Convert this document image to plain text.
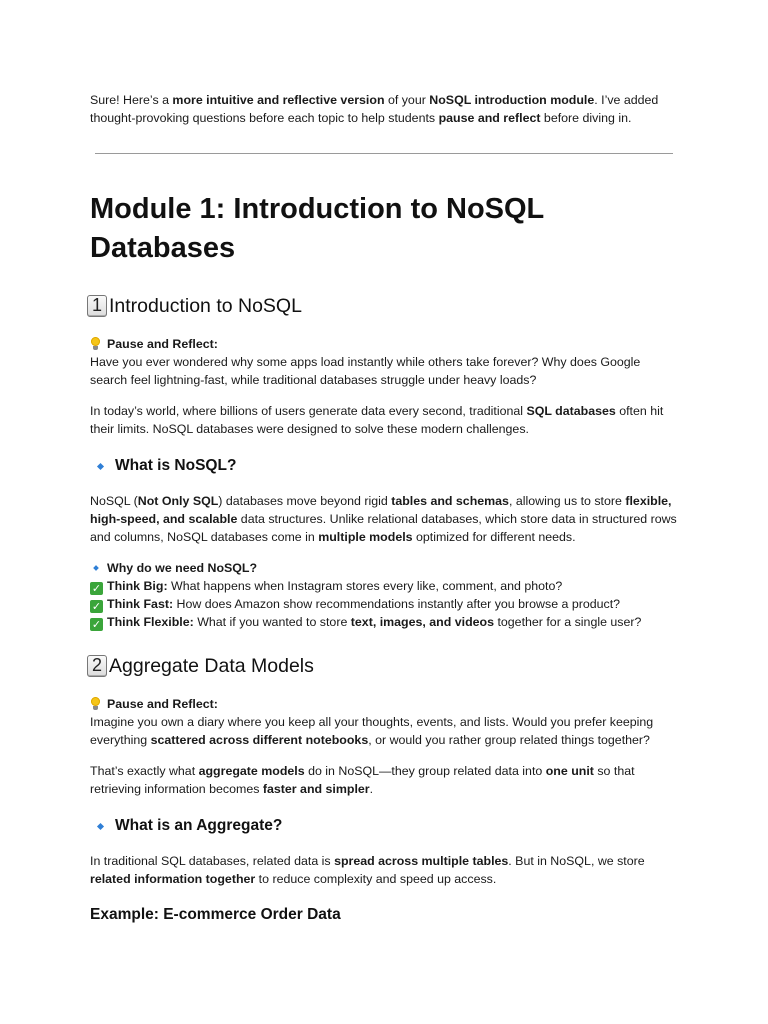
Sure! Here’s a more intuitive and reflective version of your NoSQL introduction module. I’ve added thought-provoking questions before each topic to help students pause and reflect before diving in.

Module 1: Introduction to NoSQL Databases
1 Introduction to NoSQL

Pause and Reflect:

Have you ever wondered why some apps load instantly while others take forever? Why does Google search feel lightning-fast, while traditional databases struggle under heavy loads?

In today’s world, where billions of users generate data every second, traditional SQL databases often hit their limits. NoSQL databases were designed to solve these modern challenges.

What is NoSQL?

NoSQL (Not Only SQL) databases move beyond rigid tables and schemas, allowing us to store flexible, high-speed, and scalable data structures. Unlike relational databases, which store data in structured rows and columns, NoSQL databases come in multiple models optimized for different needs.

Why do we need NoSQL?

✓ Think Big: What happens when Instagram stores every like, comment, and photo?

✓ Think Fast: How does Amazon show recommendations instantly after you browse a product?

✓ Think Flexible: What if you wanted to store text, images, and videos together for a single user?

2 Aggregate Data Models

Pause and Reflect:

Imagine you own a diary where you keep all your thoughts, events, and lists. Would you prefer keeping everything scattered across different notebooks, or would you rather group related things together?

That’s exactly what aggregate models do in NoSQL—they group related data into one unit so that retrieving information becomes faster and simpler.

What is an Aggregate?

In traditional SQL databases, related data is spread across multiple tables. But in NoSQL, we store related information together to reduce complexity and speed up access.

Example: E-commerce Order Data
